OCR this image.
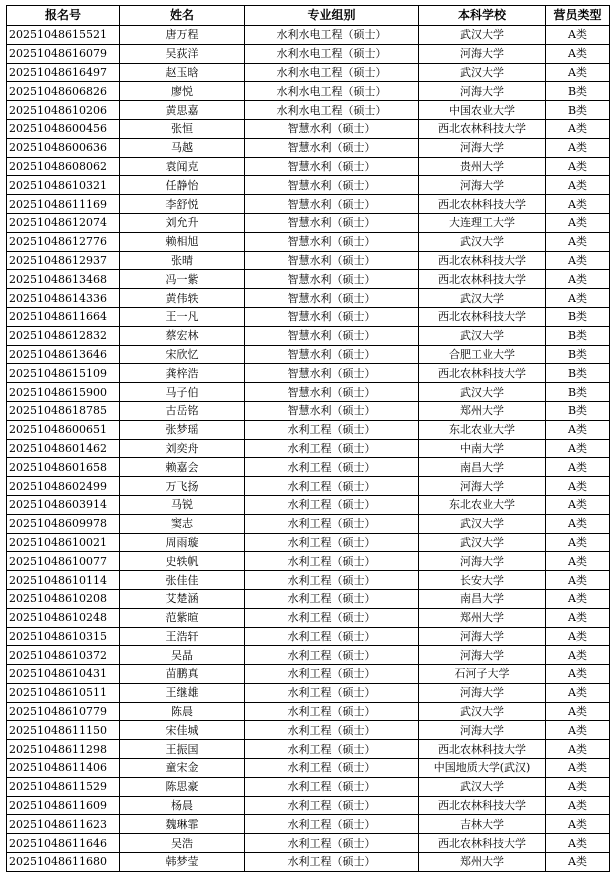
报名号	姓名	专业组别	本科学校	营员类型
20251048615521	唐万程	水利水电工程（硕士）	武汉大学	A类
20251048616079	吴荻洋	水利水电工程（硕士）	河海大学	A类
20251048616497	赵玉晗	水利水电工程（硕士）	武汉大学	A类
20251048606826	廖悦	水利水电工程（硕士）	河海大学	B类
20251048610206	黄思嘉	水利水电工程（硕士）	中国农业大学	B类
20251048600456	张恒	智慧水利（硕士）	西北农林科技大学	A类
20251048600636	马越	智慧水利（硕士）	河海大学	A类
20251048608062	袁闻克	智慧水利（硕士）	贵州大学	A类
20251048610321	任静怡	智慧水利（硕士）	河海大学	A类
20251048611169	李舒悦	智慧水利（硕士）	西北农林科技大学	A类
20251048612074	刘允升	智慧水利（硕士）	大连理工大学	A类
20251048612776	赖相旭	智慧水利（硕士）	武汉大学	A类
20251048612937	张晴	智慧水利（硕士）	西北农林科技大学	A类
20251048613468	冯一紫	智慧水利（硕士）	西北农林科技大学	A类
20251048614336	黄伟轶	智慧水利（硕士）	武汉大学	A类
20251048611664	王一凡	智慧水利（硕士）	西北农林科技大学	B类
20251048612832	蔡宏林	智慧水利（硕士）	武汉大学	B类
20251048613646	宋欣忆	智慧水利（硕士）	合肥工业大学	B类
20251048615109	龚梓浩	智慧水利（硕士）	西北农林科技大学	B类
20251048615900	马子伯	智慧水利（硕士）	武汉大学	B类
20251048618785	古岳铭	智慧水利（硕士）	郑州大学	B类
20251048600651	张梦瑶	水利工程（硕士）	东北农业大学	A类
20251048601462	刘奕舟	水利工程（硕士）	中南大学	A类
20251048601658	赖嘉会	水利工程（硕士）	南昌大学	A类
20251048602499	万飞扬	水利工程（硕士）	河海大学	A类
20251048603914	马锐	水利工程（硕士）	东北农业大学	A类
20251048609978	窦志	水利工程（硕士）	武汉大学	A类
20251048610021	周雨璇	水利工程（硕士）	武汉大学	A类
20251048610077	史轶帆	水利工程（硕士）	河海大学	A类
20251048610114	张佳佳	水利工程（硕士）	长安大学	A类
20251048610208	艾楚涵	水利工程（硕士）	南昌大学	A类
20251048610248	范紫暄	水利工程（硕士）	郑州大学	A类
20251048610315	王浩轩	水利工程（硕士）	河海大学	A类
20251048610372	吴晶	水利工程（硕士）	河海大学	A类
20251048610431	苗鹏真	水利工程（硕士）	石河子大学	A类
20251048610511	王继雄	水利工程（硕士）	河海大学	A类
20251048610779	陈晨	水利工程（硕士）	武汉大学	A类
20251048611150	宋佳城	水利工程（硕士）	河海大学	A类
20251048611298	王振国	水利工程（硕士）	西北农林科技大学	A类
20251048611406	童宋金	水利工程（硕士）	中国地质大学(武汉)	A类
20251048611529	陈思豪	水利工程（硕士）	武汉大学	A类
20251048611609	杨晨	水利工程（硕士）	西北农林科技大学	A类
20251048611623	魏琳霏	水利工程（硕士）	吉林大学	A类
20251048611646	吴浩	水利工程（硕士）	西北农林科技大学	A类
20251048611680	韩梦莹	水利工程（硕士）	郑州大学	A类
